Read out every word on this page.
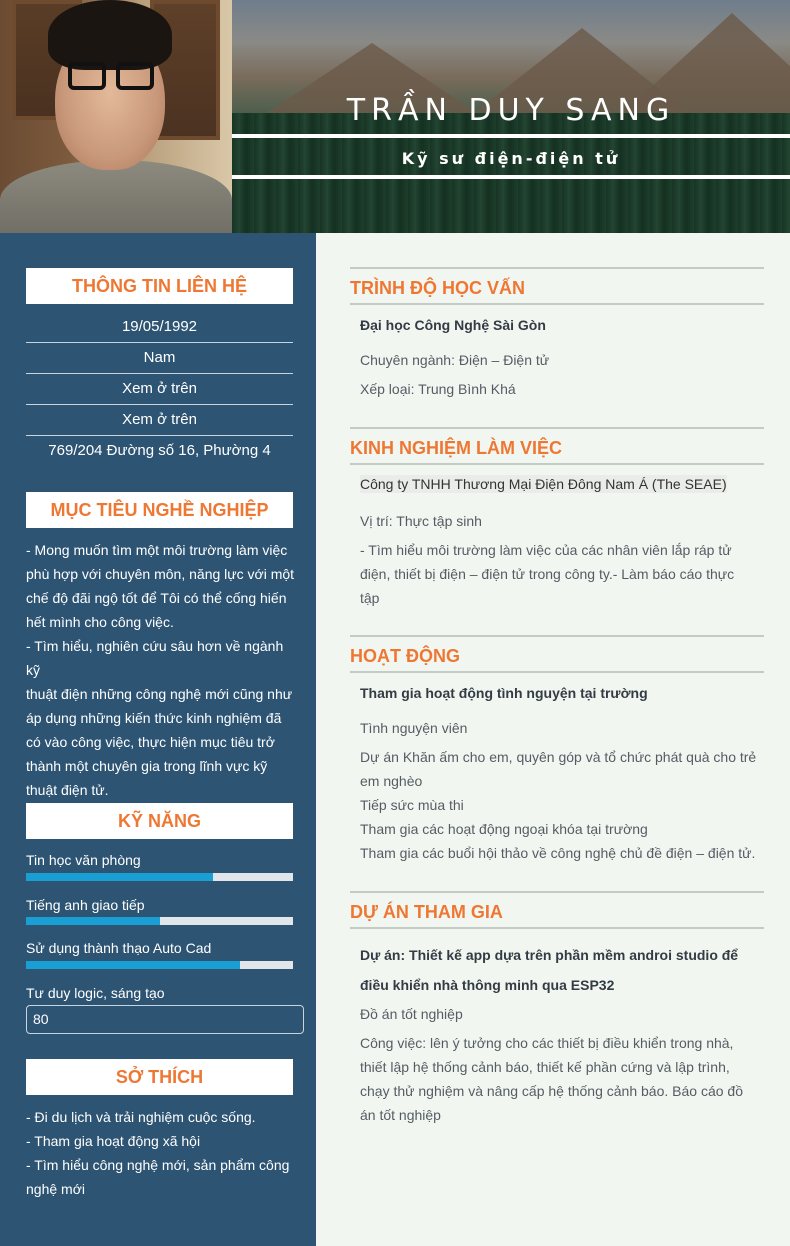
TRẦN DUY SANG
Kỹ sư điện-điện tử
THÔNG TIN LIÊN HỆ
19/05/1992
Nam
Xem ở trên
Xem ở trên
769/204 Đường số 16, Phường 4
MỤC TIÊU NGHỀ NGHIỆP
- Mong muốn tìm một môi trường làm việc
phù hợp với chuyên môn, năng lực với một
chế độ đãi ngộ tốt để Tôi có thể cống hiến
hết mình cho công việc.
- Tìm hiểu, nghiên cứu sâu hơn về ngành kỹ
thuật điện những công nghệ mới cũng như
áp dụng những kiến thức kinh nghiệm đã
có vào công việc, thực hiện mục tiêu trở
thành một chuyên gia trong lĩnh vực kỹ
thuật điện tử.
KỸ NĂNG
Tin học văn phòng
Tiếng anh giao tiếp
Sử dụng thành thạo Auto Cad
Tư duy logic, sáng tạo
80
SỞ THÍCH
- Đi du lịch và trải nghiệm cuộc sống.
- Tham gia hoạt động xã hội
- Tìm hiểu công nghệ mới, sản phẩm công
nghệ mới
TRÌNH ĐỘ HỌC VẤN
Đại học Công Nghệ Sài Gòn
Chuyên ngành: Điện – Điện tử
Xếp loại: Trung Bình Khá
KINH NGHIỆM LÀM VIỆC
Công ty TNHH Thương Mại Điện Đông Nam Á (The SEAE)
Vị trí: Thực tập sinh
- Tìm hiểu môi trường làm việc của các nhân viên lắp ráp tử
điện, thiết bị điện – điện tử trong công ty.- Làm báo cáo thực
tập
HOẠT ĐỘNG
Tham gia hoạt động tình nguyện tại trường
Tình nguyện viên
Dự án Khăn ấm cho em, quyên góp và tổ chức phát quà cho trẻ
em nghèo
Tiếp sức mùa thi
Tham gia các hoạt động ngoại khóa tại trường
Tham gia các buổi hội thảo về công nghệ chủ đề điện – điện tử.
DỰ ÁN THAM GIA
Dự án: Thiết kế app dựa trên phần mềm androi studio để
điều khiển nhà thông minh qua ESP32
Đồ án tốt nghiệp
Công việc: lên ý tưởng cho các thiết bị điều khiển trong nhà,
thiết lập hệ thống cảnh báo, thiết kế phần cứng và lập trình,
chạy thử nghiệm và nâng cấp hệ thống cảnh báo. Báo cáo đồ
án tốt nghiệp
